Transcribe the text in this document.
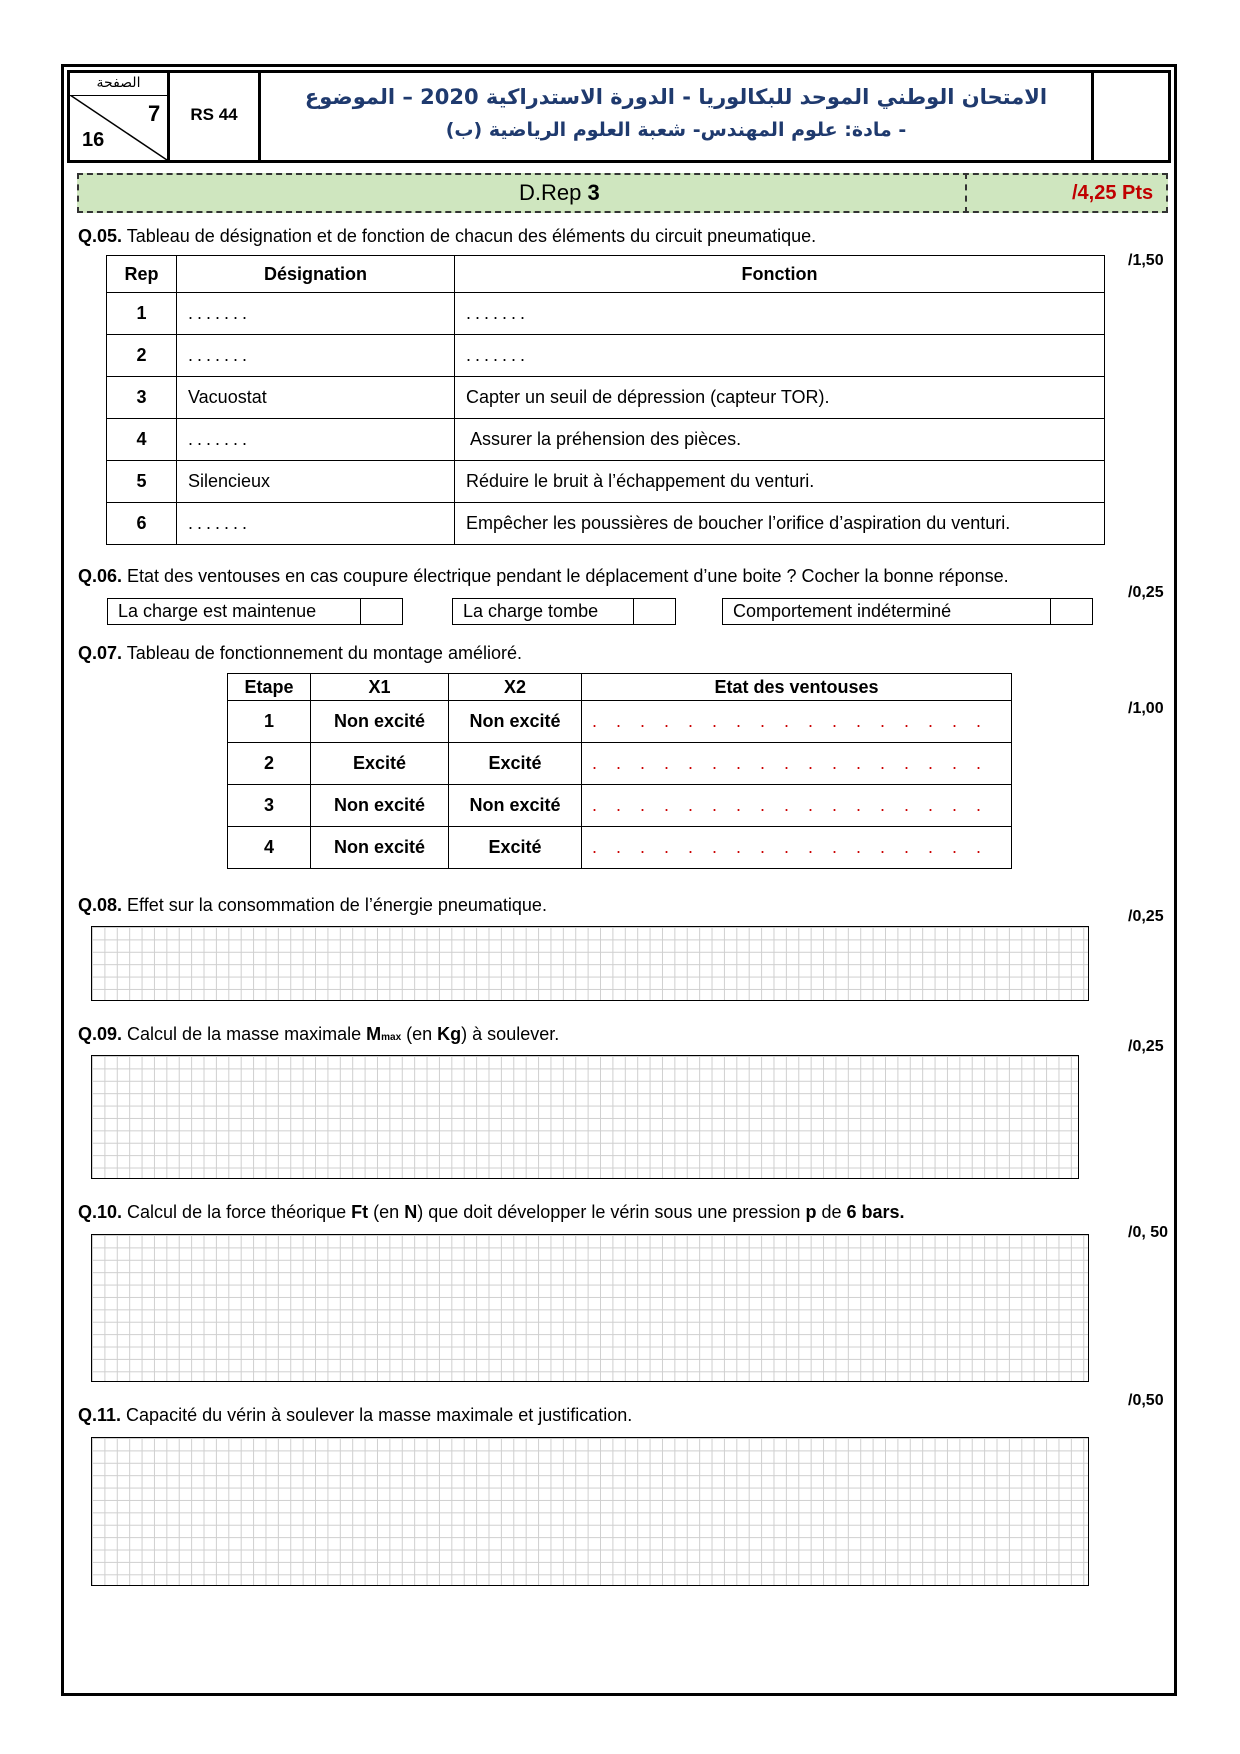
الصفحة
7
16
RS 44
الامتحان الوطني الموحد للبكالوريا - الدورة الاستدراكية 2020 – الموضوع
- مادة: علوم المهندس- شعبة العلوم الرياضية (ب)
D.Rep 3	/4,25 Pts
Q.05. Tableau de désignation et de fonction de chacun des éléments du circuit pneumatique.
/1,50
Rep	Désignation	Fonction
1	.......	.......
2	.......	.......
3	Vacuostat	Capter un seuil de dépression (capteur TOR).
4	.......	Assurer la préhension des pièces.
5	Silencieux	Réduire le bruit à l’échappement du venturi.
6	.......	Empêcher les poussières de boucher l’orifice d’aspiration du venturi.
Q.06. Etat des ventouses en cas coupure électrique pendant le déplacement d’une boite ? Cocher la bonne réponse.
/0,25
La charge est maintenue	La charge tombe	Comportement indéterminé
Q.07. Tableau de fonctionnement du montage amélioré.
/1,00
Etape	X1	X2	Etat des ventouses
1	Non excité	Non excité	. . . . . . . . . . . . . . . . .
2	Excité	Excité	. . . . . . . . . . . . . . . . .
3	Non excité	Non excité	. . . . . . . . . . . . . . . . .
4	Non excité	Excité	. . . . . . . . . . . . . . . . .
Q.08. Effet sur la consommation de l’énergie pneumatique.
/0,25
Q.09. Calcul de la masse maximale Mmax (en Kg) à soulever.
/0,25
Q.10. Calcul de la force théorique Ft (en N) que doit développer le vérin sous une pression p de 6 bars.
/0, 50
/0,50
Q.11. Capacité du vérin à soulever la masse maximale et justification.
